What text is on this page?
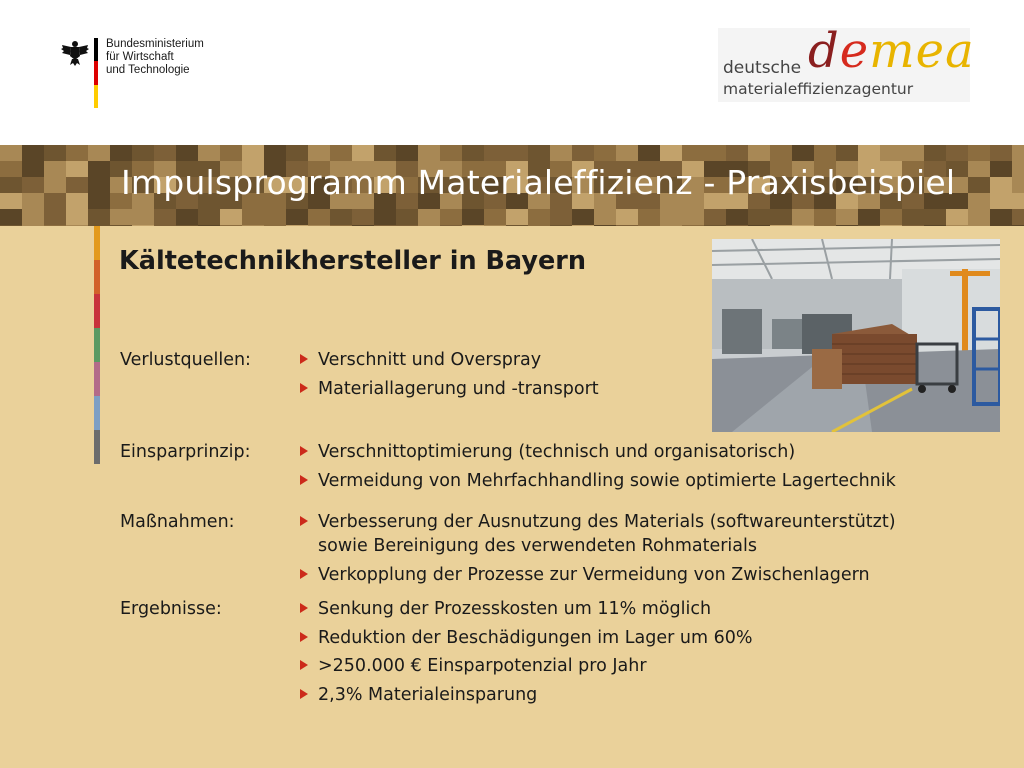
Bundesministerium
für Wirtschaft
und Technologie	deutsche demea
materialeffizienzagentur
Impulsprogramm Materialeffizienz - Praxisbeispiel
Kältetechnikhersteller in Bayern
Verlustquellen:	Verschnitt und Overspray
Materiallagerung und -transport
Einsparprinzip:	Verschnittoptimierung (technisch und organisatorisch)
Vermeidung von Mehrfachhandling sowie optimierte Lagertechnik
Maßnahmen:	Verbesserung der Ausnutzung des Materials (softwareunterstützt)
sowie Bereinigung des verwendeten Rohmaterials
Verkopplung der Prozesse zur Vermeidung von Zwischenlagern
Ergebnisse:	Senkung der Prozesskosten um 11% möglich
Reduktion der Beschädigungen im Lager um 60%
>250.000 € Einsparpotenzial pro Jahr
2,3% Materialeinsparung
